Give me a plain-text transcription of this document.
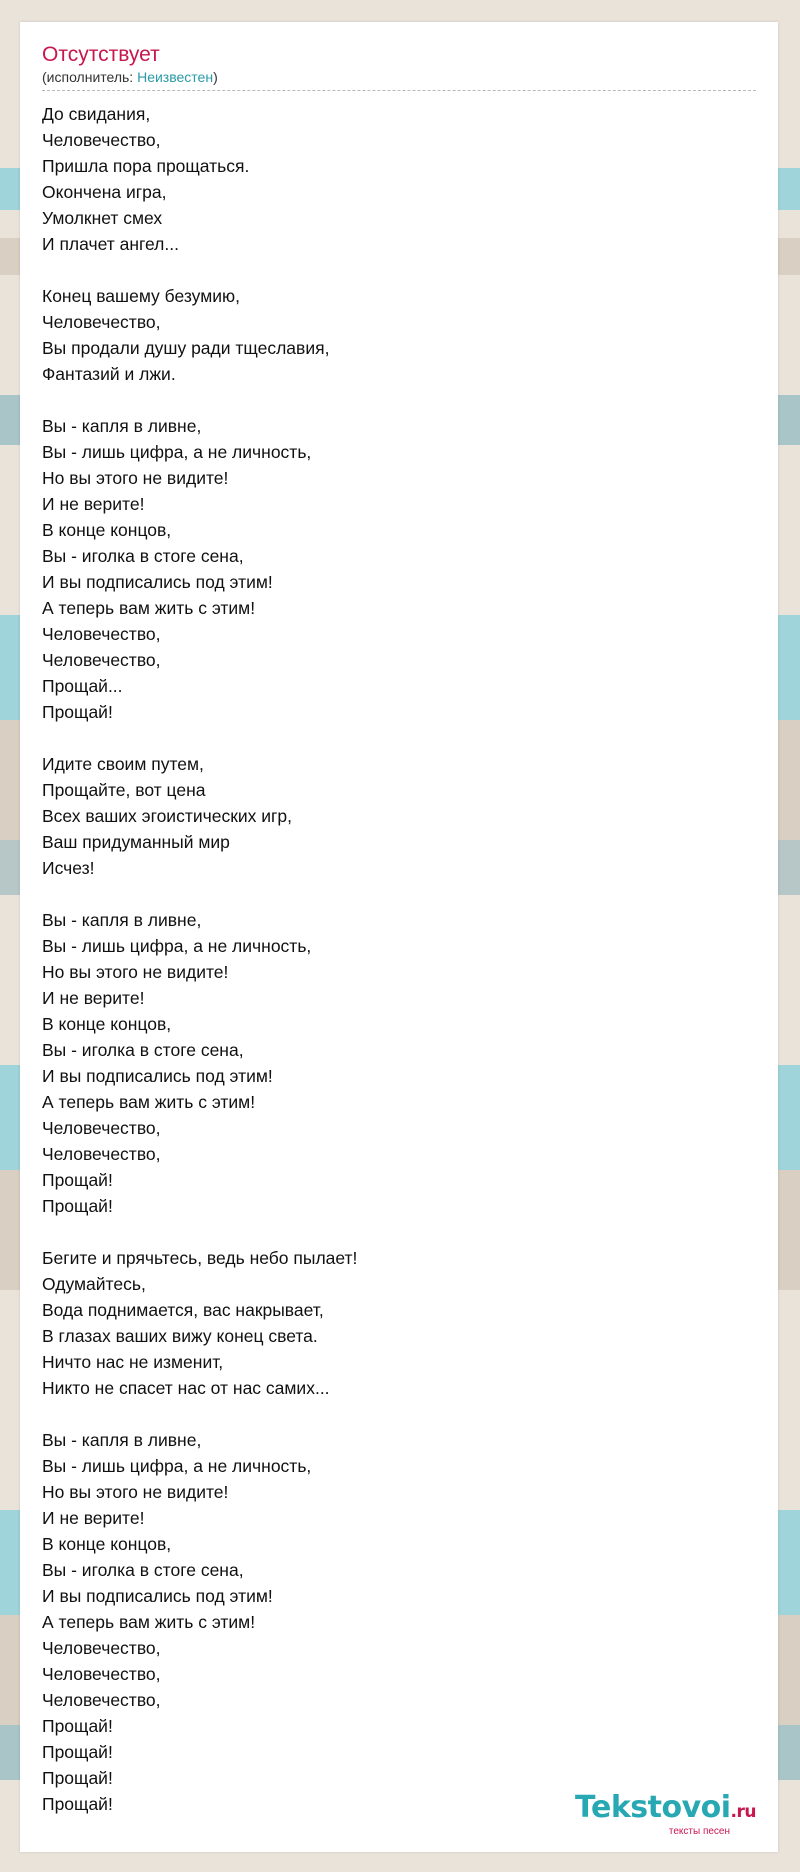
Отсутствует
(исполнитель: Неизвестен)
До свидания,
Человечество,
Пришла пора прощаться.
Окончена игра,
Умолкнет смех
И плачет ангел...
Конец вашему безумию,
Человечество,
Вы продали душу ради тщеславия,
Фантазий и лжи.
Вы - капля в ливне,
Вы - лишь цифра, а не личность,
Но вы этого не видите!
И не верите!
В конце концов,
Вы - иголка в стоге сена,
И вы подписались под этим!
А теперь вам жить с этим!
Человечество,
Человечество,
Прощай...
Прощай!
Идите своим путем,
Прощайте, вот цена
Всех ваших эгоистических игр,
Ваш придуманный мир
Исчез!
Вы - капля в ливне,
Вы - лишь цифра, а не личность,
Но вы этого не видите!
И не верите!
В конце концов,
Вы - иголка в стоге сена,
И вы подписались под этим!
А теперь вам жить с этим!
Человечество,
Человечество,
Прощай!
Прощай!
Бегите и прячьтесь, ведь небо пылает!
Одумайтесь,
Вода поднимается, вас накрывает,
В глазах ваших вижу конец света.
Ничто нас не изменит,
Никто не спасет нас от нас самих...
Вы - капля в ливне,
Вы - лишь цифра, а не личность,
Но вы этого не видите!
И не верите!
В конце концов,
Вы - иголка в стоге сена,
И вы подписались под этим!
А теперь вам жить с этим!
Человечество,
Человечество,
Человечество,
Прощай!
Прощай!
Прощай!
Прощай!	Tekstovoi.ru
тексты песен
